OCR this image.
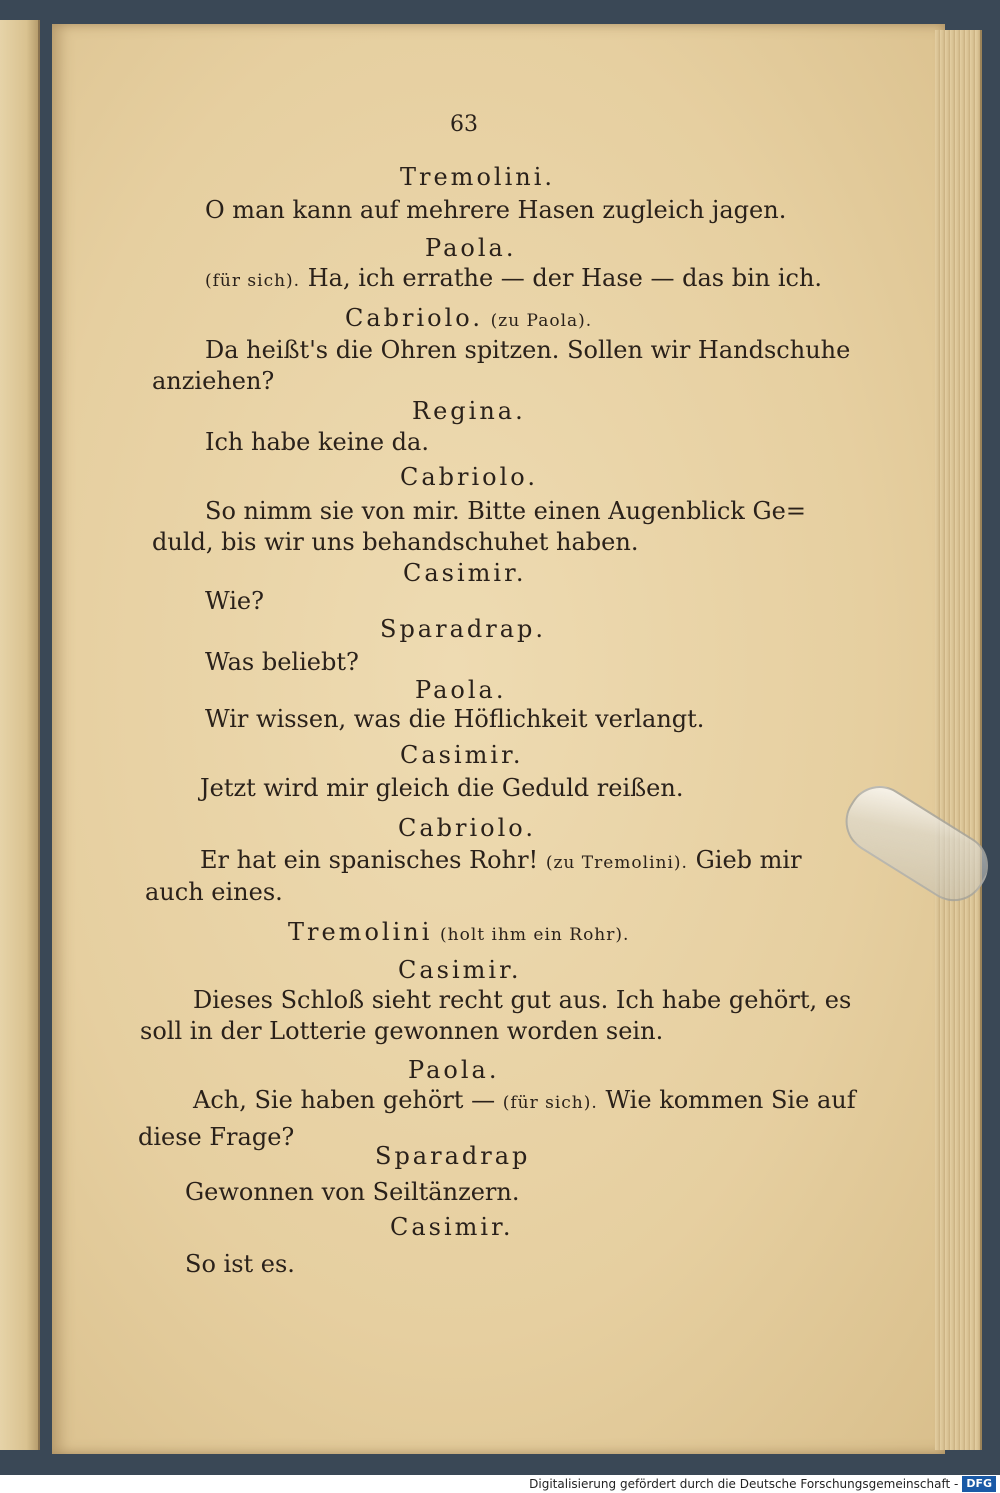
63
Tremolini.
O man kann auf mehrere Hasen zugleich jagen.
Paola.
(für sich). Ha, ich errathe — der Hase — das bin ich.
Cabriolo. (zu Paola).
Da heißt's die Ohren spitzen. Sollen wir Handschuhe
anziehen?
Regina.
Ich habe keine da.
Cabriolo.
So nimm sie von mir. Bitte einen Augenblick Ge=
duld, bis wir uns behandschuhet haben.
Casimir.
Wie?
Sparadrap.
Was beliebt?
Paola.
Wir wissen, was die Höflichkeit verlangt.
Casimir.
Jetzt wird mir gleich die Geduld reißen.
Cabriolo.
Er hat ein spanisches Rohr! (zu Tremolini). Gieb mir
auch eines.
Tremolini (holt ihm ein Rohr).
Casimir.
Dieses Schloß sieht recht gut aus. Ich habe gehört, es
soll in der Lotterie gewonnen worden sein.
Paola.
Ach, Sie haben gehört — (für sich). Wie kommen Sie auf
diese Frage?
Sparadrap
Gewonnen von Seiltänzern.
Casimir.
So ist es.
Digitalisierung gefördert durch die Deutsche Forschungsgemeinschaft - DFG
